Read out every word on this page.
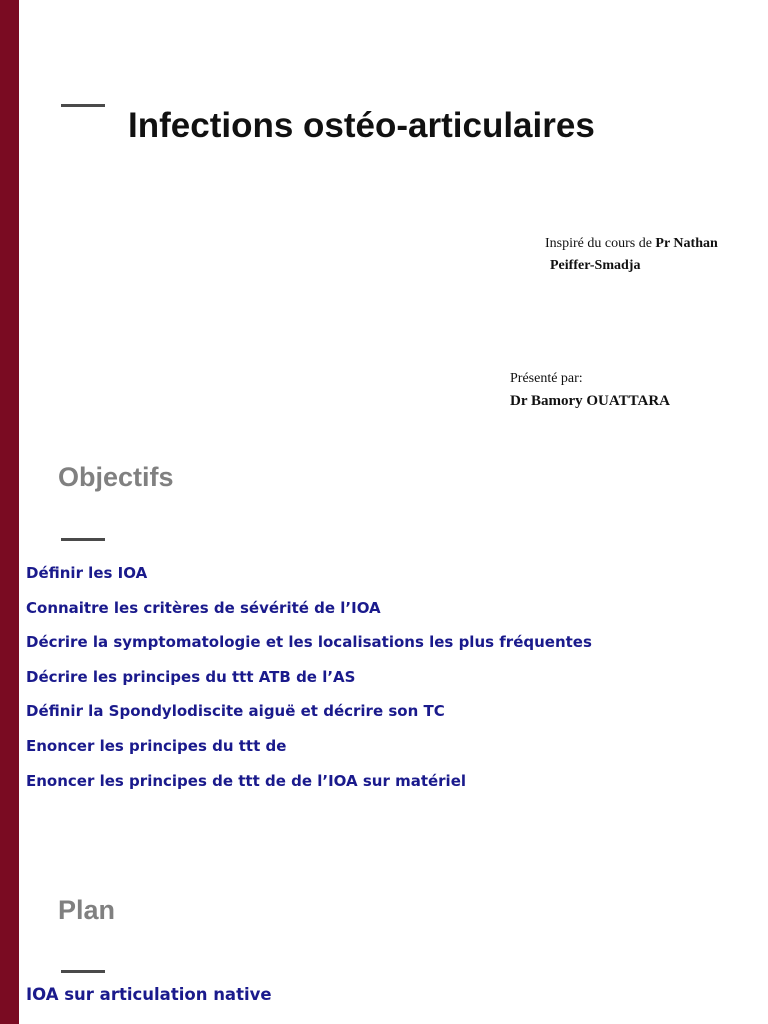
Infections ostéo-articulaires
Inspiré du cours de Pr Nathan
Peiffer-Smadja
Présenté par:
Dr Bamory OUATTARA
Objectifs
Définir les IOA
Connaitre les critères de sévérité de l’IOA
Décrire la symptomatologie et les localisations les plus fréquentes
Décrire les principes du ttt ATB de l’AS
Définir la Spondylodiscite aiguë et décrire son TC
Enoncer les principes du ttt de
Enoncer les principes de ttt de de l’IOA sur matériel
Plan
IOA sur articulation native
